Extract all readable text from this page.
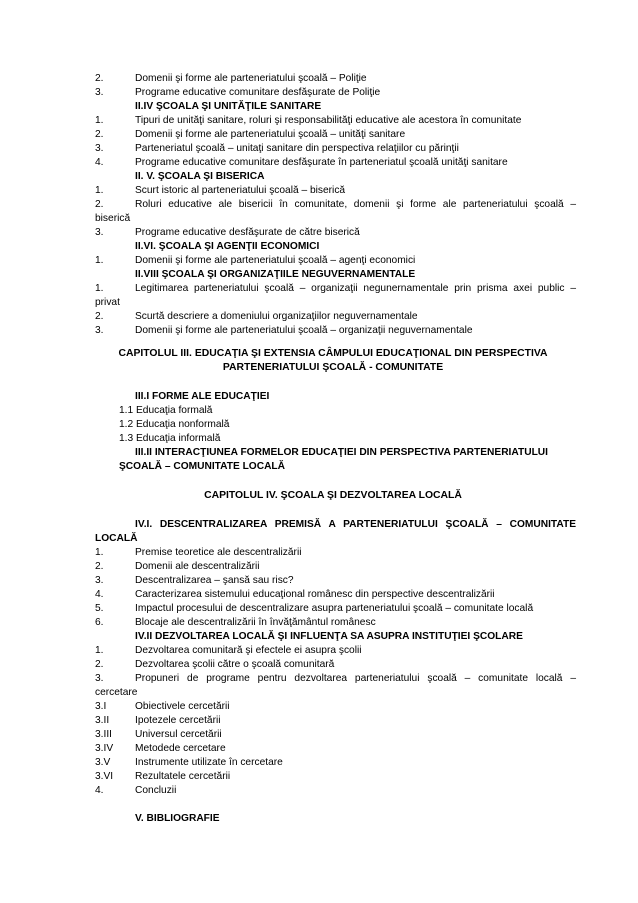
2.	Domenii şi forme ale parteneriatului şcoală – Poliţie
3.	Programe educative comunitare desfăşurate de Poliţie
II.IV ŞCOALA ŞI UNITĂŢILE SANITARE
1.	Tipuri de unităţi sanitare, roluri şi responsabilităţi educative ale acestora în comunitate
2.	Domenii şi forme ale parteneriatului şcoală – unităţi sanitare
3.	Parteneriatul şcoală – unitaţi sanitare din perspectiva relaţiilor cu părinţii
4.	Programe educative comunitare desfăşurate în parteneriatul şcoală unităţi sanitare
II. V. ŞCOALA ŞI BISERICA
1.	Scurt istoric al parteneriatului şcoală – biserică
2.	Roluri educative ale bisericii în comunitate, domenii şi forme ale parteneriatului şcoală –
biserică
3.	Programe educative desfăşurate de către biserică
II.VI. ŞCOALA ŞI AGENŢII ECONOMICI
1.	Domenii şi forme ale parteneriatului şcoală – agenţi economici
II.VIII ŞCOALA ŞI ORGANIZAŢIILE NEGUVERNAMENTALE
1.	Legitimarea parteneriatului şcoală – organizaţii negunernamentale prin prisma axei public –
privat
2.	Scurtă descriere a domeniului organizaţiilor neguvernamentale
3.	Domenii şi forme ale parteneriatului şcoală – organizaţii neguvernamentale
CAPITOLUL III. EDUCAŢIA ŞI EXTENSIA CÂMPULUI EDUCAŢIONAL DIN PERSPECTIVA
PARTENERIATULUI ŞCOALĂ - COMUNITATE
III.I FORME ALE EDUCAŢIEI
1.1 Educaţia formală
1.2 Educaţia nonformală
1.3 Educaţia informală
III.II INTERACŢIUNEA FORMELOR EDUCAŢIEI DIN PERSPECTIVA PARTENERIATULUI
ŞCOALĂ – COMUNITATE LOCALĂ
CAPITOLUL IV. ŞCOALA ŞI DEZVOLTAREA LOCALĂ
IV.I. DESCENTRALIZAREA PREMISĂ A PARTENERIATULUI ŞCOALĂ – COMUNITATE
LOCALĂ
1.	Premise teoretice ale descentralizării
2.	Domenii ale descentralizării
3.	Descentralizarea – şansă sau risc?
4.	Caracterizarea sistemului educaţional românesc din perspective descentralizării
5.	Impactul procesului de descentralizare asupra parteneriatului şcoală – comunitate locală
6.	Blocaje ale descentralizării în învăţământul românesc
IV.II DEZVOLTAREA LOCALĂ ŞI INFLUENŢA SA ASUPRA INSTITUŢIEI ŞCOLARE
1.	Dezvoltarea comunitară şi efectele ei asupra şcolii
2.	Dezvoltarea şcolii către o şcoală comunitară
3.	Propuneri de programe pentru dezvoltarea parteneriatului şcoală – comunitate locală –
cercetare
3.I	Obiectivele cercetării
3.II	Ipotezele cercetării
3.III Universul cercetării
3.IV Metodede cercetare
3.V Instrumente utilizate în cercetare
3.VI Rezultatele cercetării
4.	Concluzii
V. BIBLIOGRAFIE
